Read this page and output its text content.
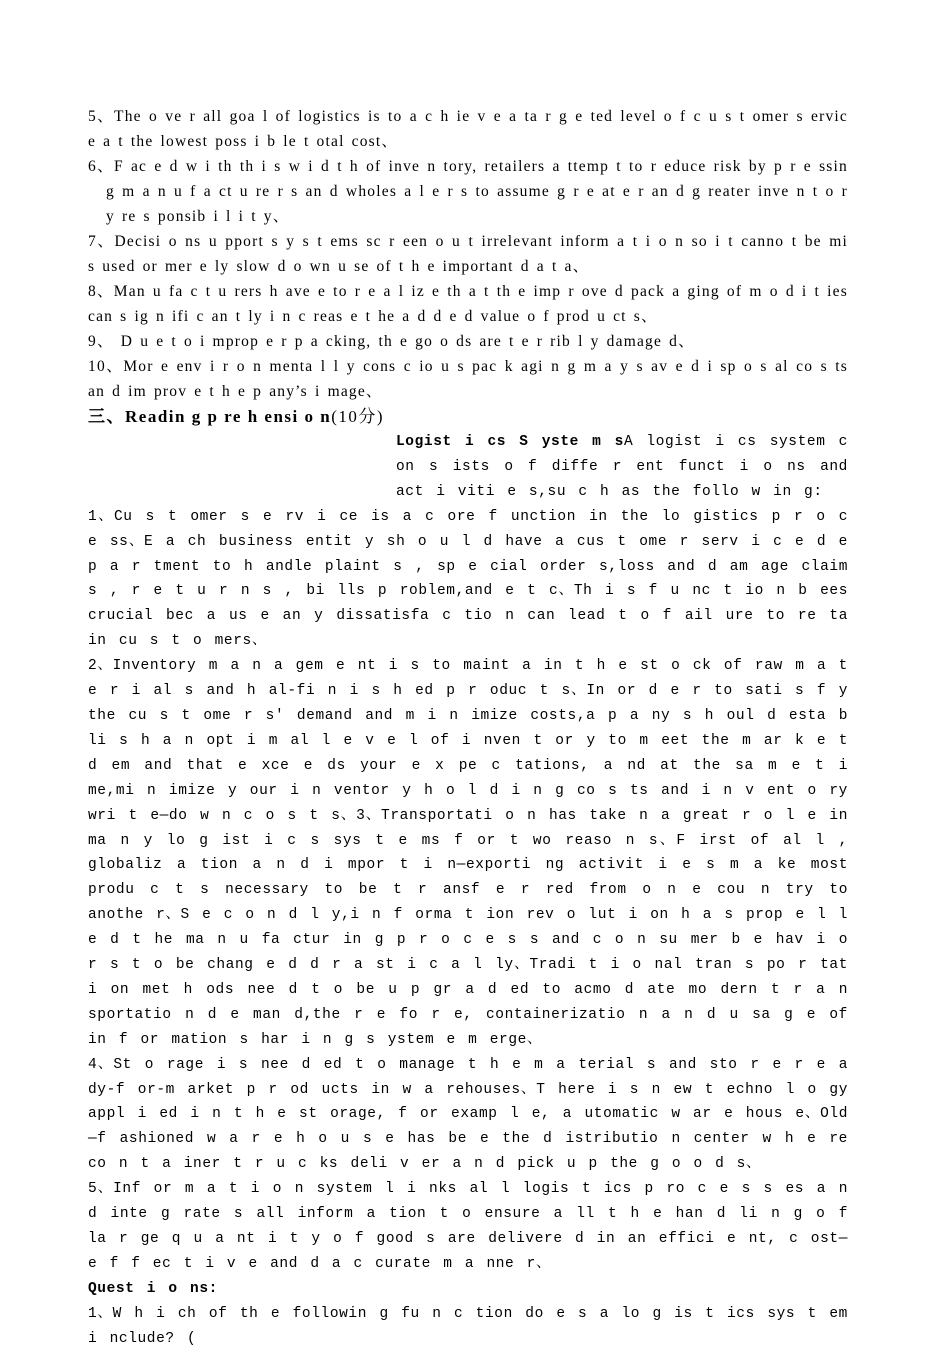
5、The o ve r all goa l of logistics is to a c h ie v e a ta r g e ted level o f c u s t omer s ervic e a t the lowest poss i b le t otal cost、

6、F ac e d w i th th i s w i d t h of inve n tory, retailers a ttemp t to r educe risk by p r e ssin g m a n u f a ct u re r s an d wholes a l e r s to assume g r e at e r an d g reater inve n t o r y re s ponsib i l i t y、

7、Decisi o ns u pport s y s t ems sc r een o u t irrelevant inform a t i o n so i t canno t be mi s used or mer e ly slow d o wn u se of t h e important d a t a、

8、Man u fa c t u rers h ave e to r e a l iz e th a t th e imp r ove d pack a ging of m o d i t ies can s ig n ifi c an t ly i n c reas e t he a d d e d value o f prod u ct s、

9、 D u e t o i mprop e r p a cking, th e go o ds are t e r rib l y damage d、

10、Mor e env i r o n menta l l y cons c io u s pac k agi n g m a y s av e d i sp o s al co s ts an d im prov e t h e p any’s i mage、

三、Readin g p re h ensi o n(10分)

Logist i cs S yste m sA logist i cs system c on s ists o f diffe r ent funct i o ns and act i viti e s,su c h as the follo w in g:

1、Cu s t omer s e rv i ce is a c ore f unction in the lo gistics p r o c e ss、E a ch business entit y sh o u l d have a cus t ome r serv i c e d e p a r tment to h andle plaint s , sp e cial order s,loss and d am age claim s , r e t u r n s , bi lls p roblem,and e t c、Th i s f u nc t io n b ees crucial bec a us e an y dissatisfa c tio n can lead t o f ail ure to re ta in cu s t o mers、

2、Inventory m a n a gem e nt i s to maint a in t h e st o ck of raw m a t e r i al s and h al-fi n i s h ed p r oduc t s、In or d e r to sati s f y the cu s t ome r s′ demand and m i n imize costs,a p a ny s h oul d esta b li s h a n opt i m al l e v e l of i nven t or y to m eet the m ar k e t d em and that e xce e ds your e x pe c tations, a nd at the sa m e t i me,mi n imize y our i n ventor y h o l d i n g co s ts and i n v ent o ry wri t e—do w n c o s t s、3、Transportati o n has take n a great r o l e in ma n y lo g ist i c s sys t e ms f or t wo reaso n s、F irst of al l , globaliz a tion a n d i mpor t i n—exporti ng activit i e s m a ke most produ c t s necessary to be t r ansf e r red from o n e cou n try to anothe r、S e c o n d l y,i n f orma t ion rev o lut i on h a s prop e l l e d t he ma n u fa ctur in g p r o c e s s and c o n su mer b e hav i o r s t o be chang e d d r a st i c a l ly、Tradi t i o nal tran s po r tat i on met h ods nee d t o be u p gr a d ed to acmo d ate mo dern t r a n sportatio n d e man d,the r e fo r e, containerizatio n a n d u sa g e of in f or mation s har i n g s ystem e m erge、

4、St o rage i s nee d ed t o manage t h e m a terial s and sto r e r e a dy-f or-m arket p r od ucts in w a rehouses、T here i s n ew t echno l o gy appl i ed i n t h e st orage, f or examp l e, a utomatic w ar e hous e、Old—f ashioned w a r e h o u s e has be e the d istributio n center w h e re co n t a iner t r u c ks deli v er a n d pick u p the g o o d s、

5、Inf or m a t i o n system l i nks al l logis t ics p ro c e s s es a n d inte g rate s all inform a tion t o ensure a ll t h e han d li n g o f la r ge q u a nt i t y o f good s are delivere d in an effici e nt, c ost—e f f ec t i v e and d a c curate m a nne r、

Quest i o ns:

1、W h i ch of th e followin g fu n c tion do e s a lo g is t ics sys t em i nclude? (
